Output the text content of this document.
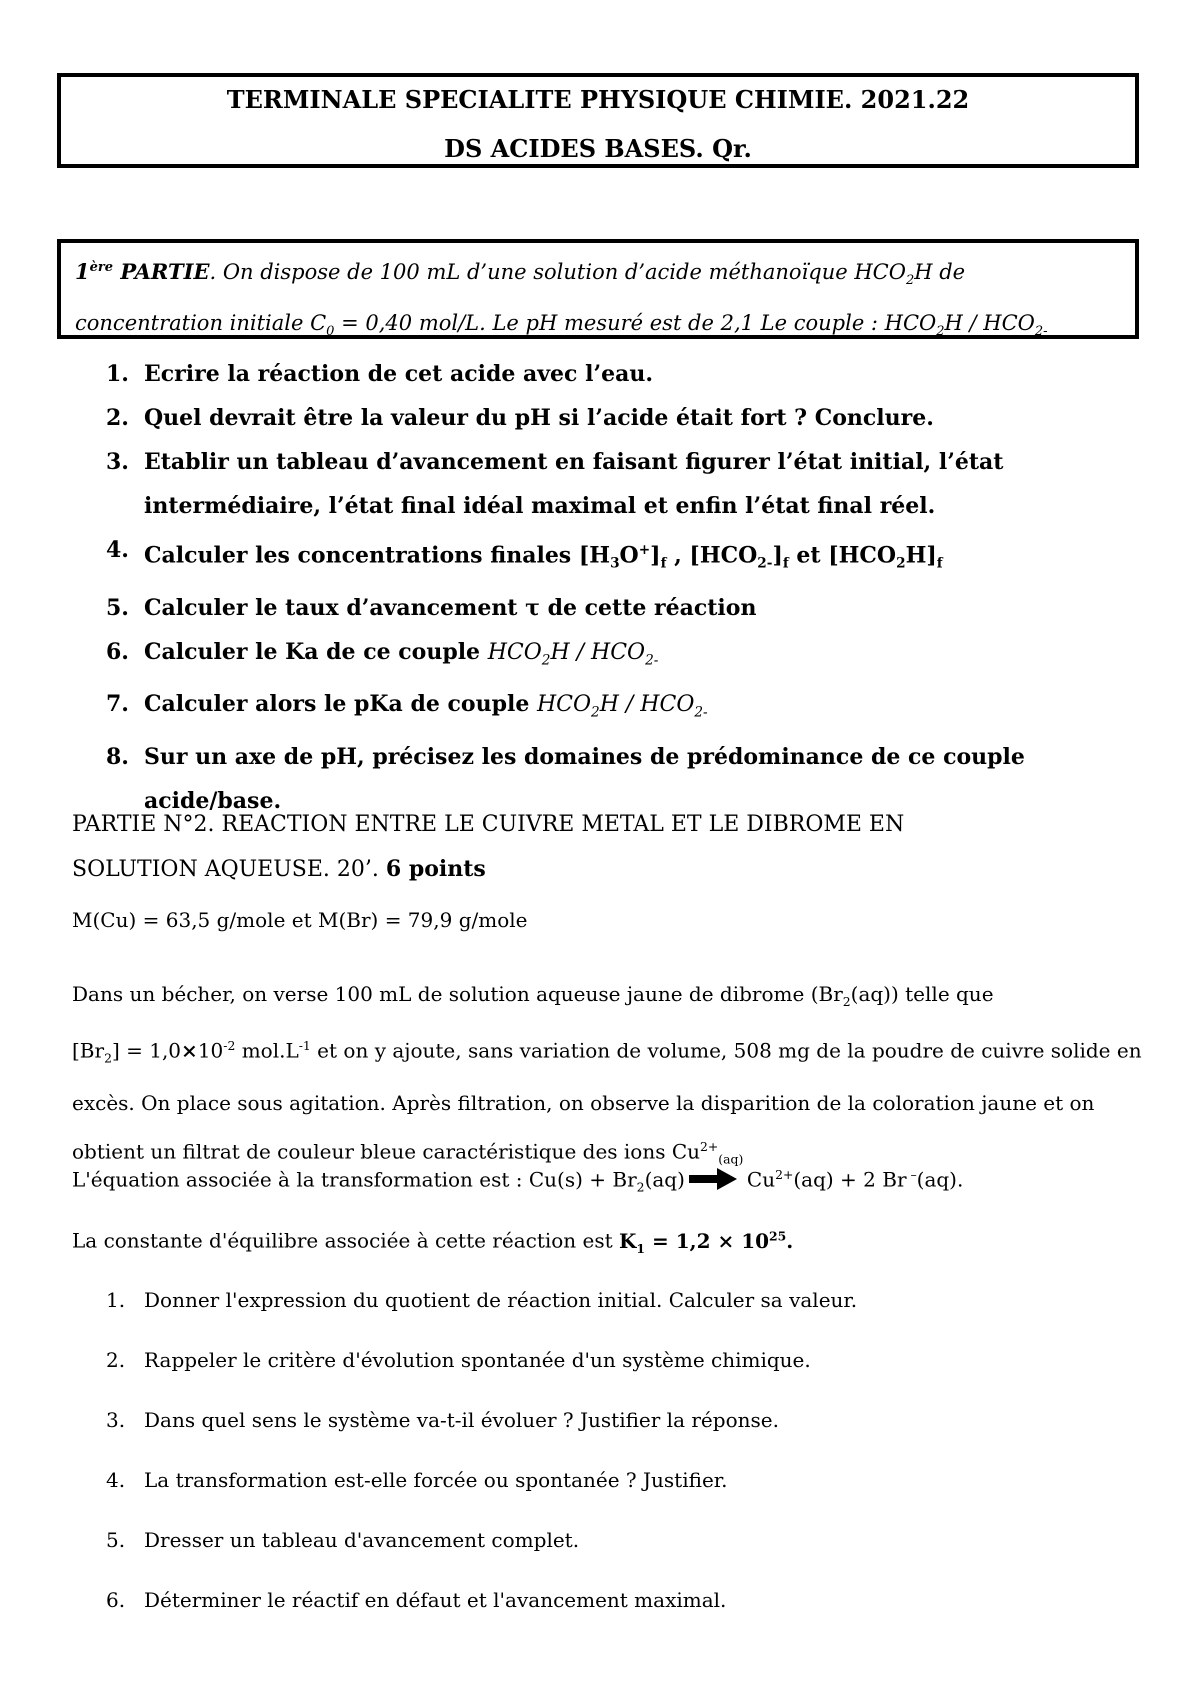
TERMINALE SPECIALITE PHYSIQUE CHIMIE. 2021.22
DS ACIDES BASES. Qr.
1ère PARTIE. On dispose de 100 mL d’une solution d’acide méthanoïque $HCO_2H$ de
concentration initiale $C_0 = 0,40$ mol/L. Le pH mesuré est de 2,1 Le couple : $HCO_2H / HCO_{2-}$
1. Ecrire la réaction de cet acide avec l’eau.
2. Quel devrait être la valeur du pH si l’acide était fort ? Conclure.
3. Etablir un tableau d’avancement en faisant figurer l’état initial, l’état intermédiaire, l’état final idéal maximal et enfin l’état final réel.
4. Calculer les concentrations finales $[H_3O^+]_f$ , $[HCO_{2-}]_f$ et $[HCO_2H]_f$
5. Calculer le taux d’avancement τ de cette réaction
6. Calculer le Ka de ce couple $HCO_2H / HCO_{2-}$
7. Calculer alors le pKa de couple $HCO_2H / HCO_{2-}$
8. Sur un axe de pH, précisez les domaines de prédominance de ce couple acide/base.
PARTIE N°2. REACTION ENTRE LE CUIVRE METAL ET LE DIBROME EN
SOLUTION AQUEUSE. 20’. 6 points
M(Cu) = 63,5 g/mole et M(Br) = 79,9 g/mole
Dans un bécher, on verse 100 mL de solution aqueuse jaune de dibrome $(Br_2(aq))$ telle que
$[Br_2] = 1,0\times 10^{-2}$ $mol.L^{-1}$ et on y ajoute, sans variation de volume, 508 mg de la poudre de cuivre solide en excès. On place sous agitation. Après filtration, on observe la disparition de la coloration jaune et on obtient un filtrat de couleur bleue caractéristique des ions $Cu^{2+}_{(aq)}$
L'équation associée à la transformation est : $Cu(s) + Br_2(aq)$	$Cu^{2+}(aq) + 2$ Br –(aq).
La constante d'équilibre associée à cette réaction est $K_1 = 1,2 \times 10^{25}$.
1. Donner l'expression du quotient de réaction initial. Calculer sa valeur.
2. Rappeler le critère d'évolution spontanée d'un système chimique.
3. Dans quel sens le système va-t-il évoluer ? Justifier la réponse.
4. La transformation est-elle forcée ou spontanée ? Justifier.
5. Dresser un tableau d'avancement complet.
6. Déterminer le réactif en défaut et l'avancement maximal.
